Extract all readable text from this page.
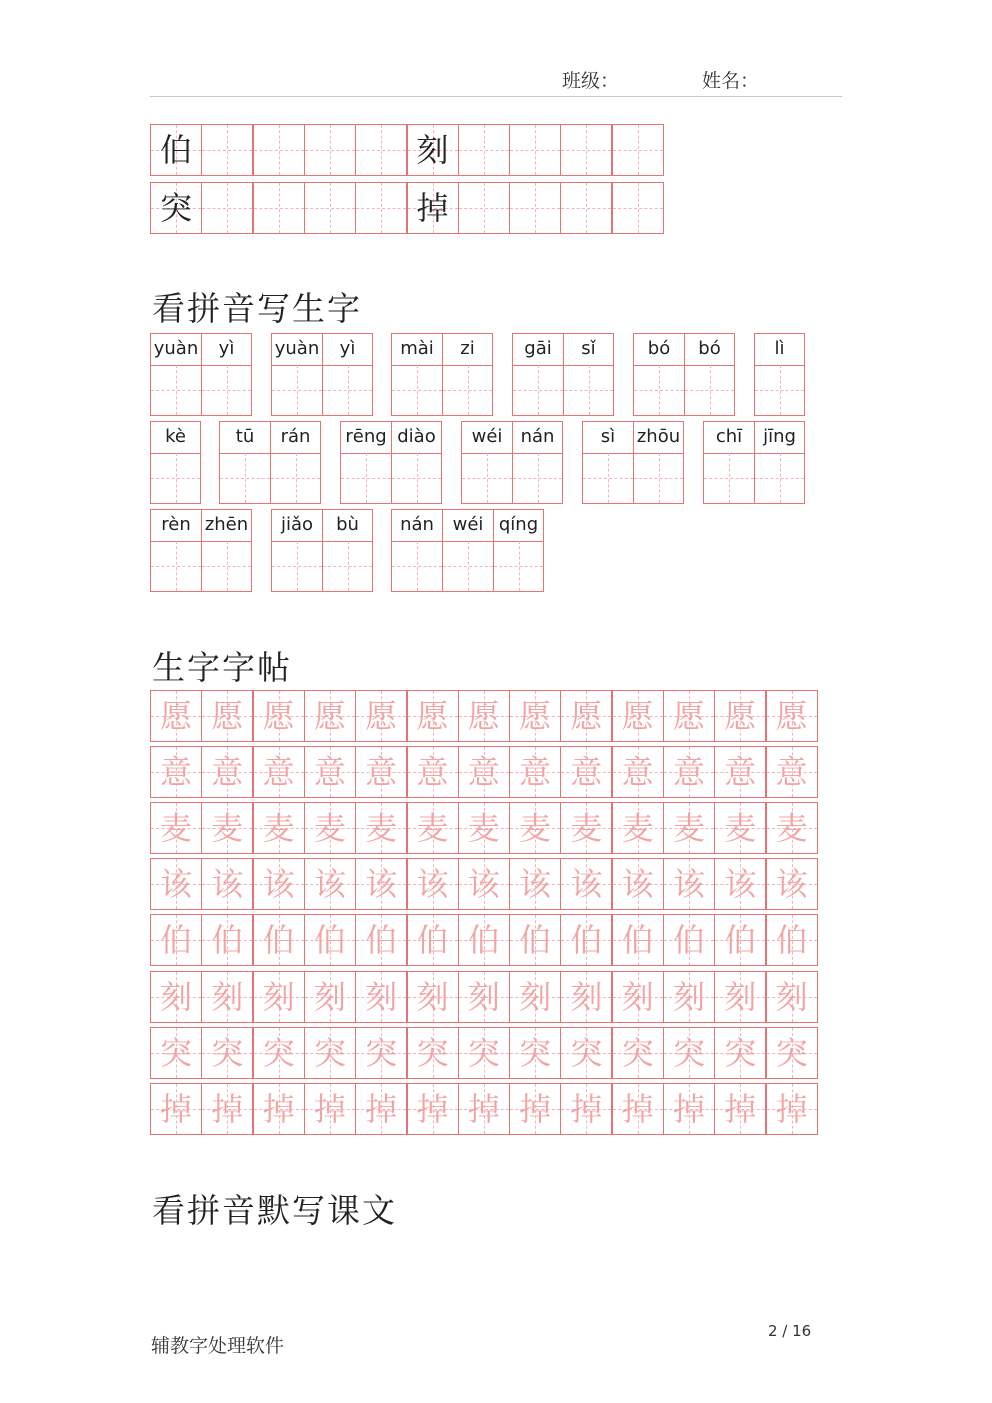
班级：	姓名：
伯	刻
突	掉
看拼音写生字
yuàn	yì	yuàn	yì	mài	zi	gāi	sǐ	bó	bó	lì
kè	tū	rán	rēng diào	wéi	nán	sì	zhōu	chī	jīng
rèn zhēn	jiǎo	bù	nán	wéi qíng
生字字帖
愿 愿 愿 愿 愿 愿 愿 愿 愿 愿 愿 愿 愿
意 意 意 意 意 意 意 意 意 意 意 意 意
麦 麦 麦 麦 麦 麦 麦 麦 麦 麦 麦 麦 麦
该 该 该 该 该 该 该 该 该 该 该 该 该
伯 伯 伯 伯 伯 伯 伯 伯 伯 伯 伯 伯 伯
刻 刻 刻 刻 刻 刻 刻 刻 刻 刻 刻 刻 刻
突 突 突 突 突 突 突 突 突 突 突 突 突
掉 掉 掉 掉 掉 掉 掉 掉 掉 掉 掉 掉 掉
看拼音默写课文
辅教字处理软件
2 / 16
